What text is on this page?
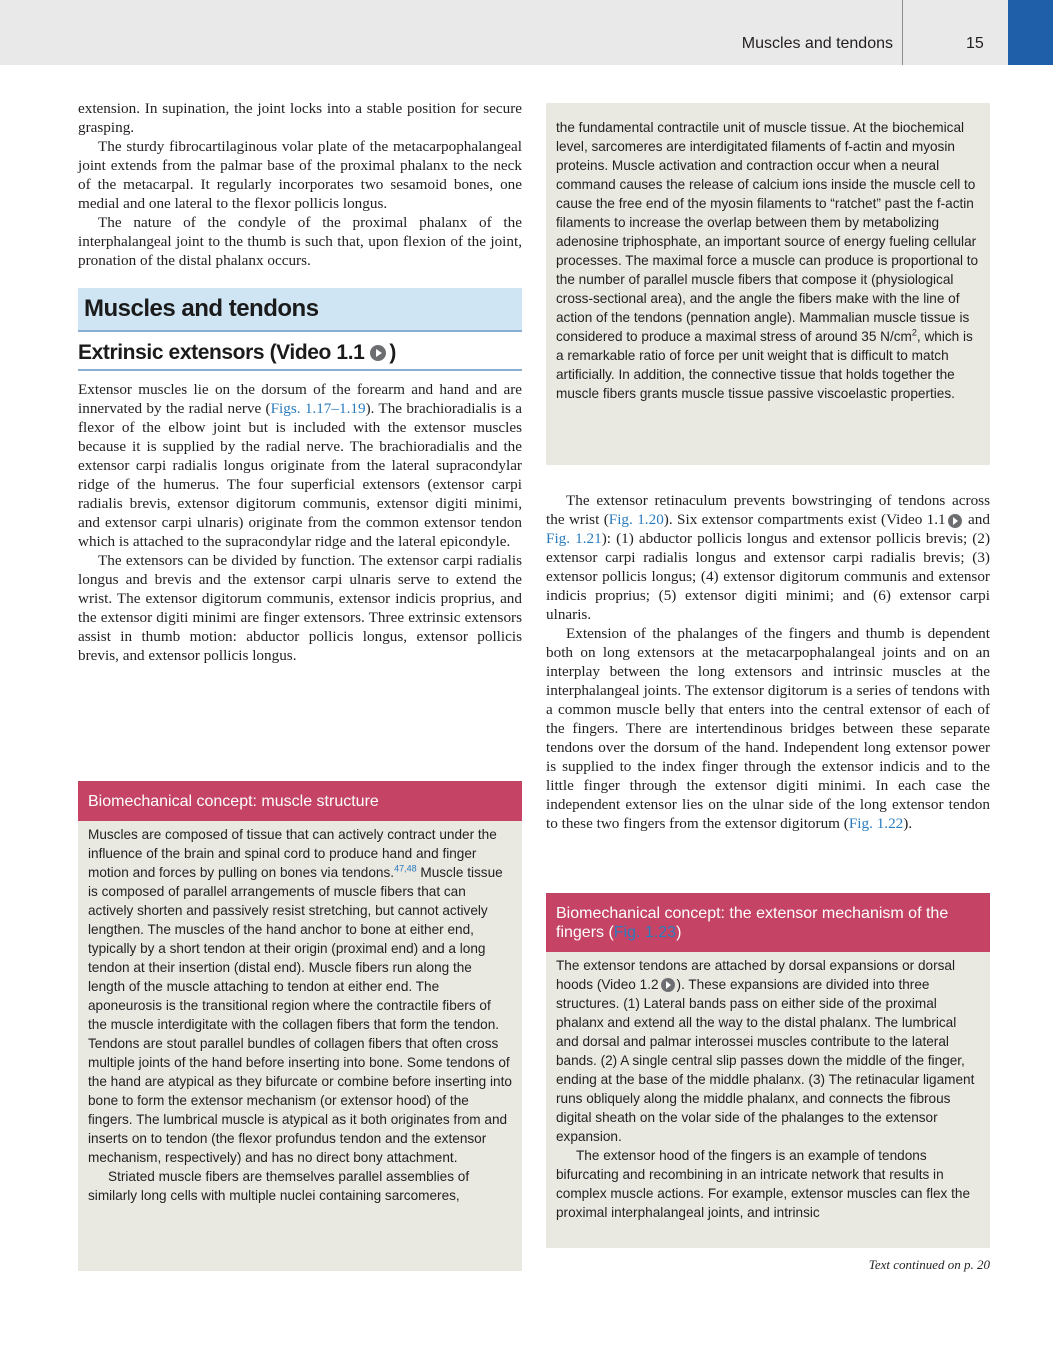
Muscles and tendons	15

extension. In supination, the joint locks into a stable position for secure grasping.

The sturdy fibrocartilaginous volar plate of the metacarpophalangeal joint extends from the palmar base of the proximal phalanx to the neck of the metacarpal. It regularly incorporates two sesamoid bones, one medial and one lateral to the flexor pollicis longus.

The nature of the condyle of the proximal phalanx of the interphalangeal joint to the thumb is such that, upon flexion of the joint, pronation of the distal phalanx occurs.

Muscles and tendons
Extrinsic extensors (Video 1.1 )

Extensor muscles lie on the dorsum of the forearm and hand and are innervated by the radial nerve (Figs. 1.17–1.19). The brachioradialis is a flexor of the elbow joint but is included with the extensor muscles because it is supplied by the radial nerve. The brachioradialis and the extensor carpi radialis longus originate from the lateral supracondylar ridge of the humerus. The four superficial extensors (extensor carpi radialis brevis, extensor digitorum communis, extensor digiti minimi, and extensor carpi ulnaris) originate from the common extensor tendon which is attached to the supracondylar ridge and the lateral epicondyle.

The extensors can be divided by function. The extensor carpi radialis longus and brevis and the extensor carpi ulnaris serve to extend the wrist. The extensor digitorum communis, extensor indicis proprius, and the extensor digiti minimi are finger extensors. Three extrinsic extensors assist in thumb motion: abductor pollicis longus, extensor pollicis brevis, and extensor pollicis longus.

Biomechanical concept: muscle structure

Muscles are composed of tissue that can actively contract under the influence of the brain and spinal cord to produce hand and finger motion and forces by pulling on bones via tendons.$^{47,48}$ Muscle tissue is composed of parallel arrangements of muscle fibers that can actively shorten and passively resist stretching, but cannot actively lengthen. The muscles of the hand anchor to bone at either end, typically by a short tendon at their origin (proximal end) and a long tendon at their insertion (distal end). Muscle fibers run along the length of the muscle attaching to tendon at either end. The aponeurosis is the transitional region where the contractile fibers of the muscle interdigitate with the collagen fibers that form the tendon. Tendons are stout parallel bundles of collagen fibers that often cross multiple joints of the hand before inserting into bone. Some tendons of the hand are atypical as they bifurcate or combine before inserting into bone to form the extensor mechanism (or extensor hood) of the fingers. The lumbrical muscle is atypical as it both originates from and inserts on to tendon (the flexor profundus tendon and the extensor mechanism, respectively) and has no direct bony attachment.

Striated muscle fibers are themselves parallel assemblies of similarly long cells with multiple nuclei containing sarcomeres,

the fundamental contractile unit of muscle tissue. At the biochemical level, sarcomeres are interdigitated filaments of f-actin and myosin proteins. Muscle activation and contraction occur when a neural command causes the release of calcium ions inside the muscle cell to cause the free end of the myosin filaments to “ratchet” past the f-actin filaments to increase the overlap between them by metabolizing adenosine triphosphate, an important source of energy fueling cellular processes. The maximal force a muscle can produce is proportional to the number of parallel muscle fibers that compose it (physiological cross-sectional area), and the angle the fibers make with the line of action of the tendons (pennation angle). Mammalian muscle tissue is considered to produce a maximal stress of around 35 $N/cm^2$, which is a remarkable ratio of force per unit weight that is difficult to match artificially. In addition, the connective tissue that holds together the muscle fibers grants muscle tissue passive viscoelastic properties.

The extensor retinaculum prevents bowstringing of tendons across the wrist (Fig. 1.20). Six extensor compartments exist (Video 1.1 and Fig. 1.21): (1) abductor pollicis longus and extensor pollicis brevis; (2) extensor carpi radialis longus and extensor carpi radialis brevis; (3) extensor pollicis longus; (4) extensor digitorum communis and extensor indicis proprius; (5) extensor digiti minimi; and (6) extensor carpi ulnaris.

Extension of the phalanges of the fingers and thumb is dependent both on long extensors at the metacarpophalangeal joints and on an interplay between the long extensors and intrinsic muscles at the interphalangeal joints. The extensor digitorum is a series of tendons with a common muscle belly that enters into the central extensor of each of the fingers. There are intertendinous bridges between these separate tendons over the dorsum of the hand. Independent long extensor power is supplied to the index finger through the extensor indicis and to the little finger through the extensor digiti minimi. In each case the independent extensor lies on the ulnar side of the long extensor tendon to these two fingers from the extensor digitorum (Fig. 1.22).

Biomechanical concept: the extensor mechanism of the fingers (Fig. 1.23)

The extensor tendons are attached by dorsal expansions or dorsal hoods (Video 1.2 ). These expansions are divided into three structures. (1) Lateral bands pass on either side of the proximal phalanx and extend all the way to the distal phalanx. The lumbrical and dorsal and palmar interossei muscles contribute to the lateral bands. (2) A single central slip passes down the middle of the finger, ending at the base of the middle phalanx. (3) The retinacular ligament runs obliquely along the middle phalanx, and connects the fibrous digital sheath on the volar side of the phalanges to the extensor expansion.

The extensor hood of the fingers is an example of tendons bifurcating and recombining in an intricate network that results in complex muscle actions. For example, extensor muscles can flex the proximal interphalangeal joints, and intrinsic

Text continued on p. 20
